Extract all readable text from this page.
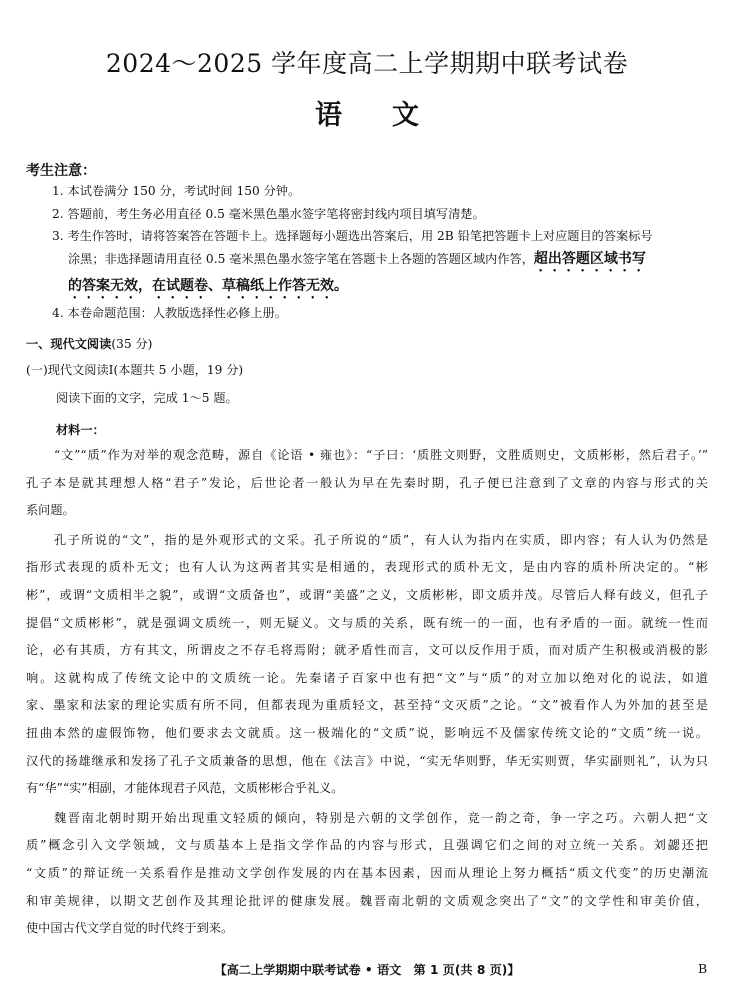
2024～2025 学年度高二上学期期中联考试卷
语文
考生注意：
1. 本试卷满分 150 分，考试时间 150 分钟。
2. 答题前，考生务必用直径 0.5 毫米黑色墨水签字笔将密封线内项目填写清楚。
3. 考生作答时，请将答案答在答题卡上。选择题每小题选出答案后，用 2B 铅笔把答题卡上对应题目的答案标号
涂黑；非选择题请用直径 0.5 毫米黑色墨水签字笔在答题卡上各题的答题区域内作答，超出答题区域书写
的答案无效，在试题卷、草稿纸上作答无效。
4. 本卷命题范围：人教版选择性必修上册。
一、现代文阅读(35 分)
(一)现代文阅读Ⅰ(本题共 5 小题，19 分)
阅读下面的文字，完成 1～5 题。
材料一：
“文”“质”作为对举的观念范畴，源自《论语 • 雍也》：“子曰：‘质胜文则野，文胜质则史，文质彬彬，然后君子。’”
孔子本是就其理想人格“君子”发论，后世论者一般认为早在先秦时期，孔子便已注意到了文章的内容与形式的关
系问题。
孔子所说的“文”，指的是外观形式的文采。孔子所说的“质”，有人认为指内在实质，即内容；有人认为仍然是
指形式表现的质朴无文；也有人认为这两者其实是相通的，表现形式的质朴无文，是由内容的质朴所决定的。“彬
彬”，或谓“文质相半之貌”，或谓“文质备也”，或谓“美盛”之义，文质彬彬，即文质并茂。尽管后人释有歧义，但孔子
提倡“文质彬彬”，就是强调文质统一，则无疑义。文与质的关系，既有统一的一面，也有矛盾的一面。就统一性而
论，必有其质，方有其文，所谓皮之不存毛将焉附；就矛盾性而言，文可以反作用于质，而对质产生积极或消极的影
响。这就构成了传统文论中的文质统一论。先秦诸子百家中也有把“文”与“质”的对立加以绝对化的说法，如道
家、墨家和法家的理论实质有所不同，但都表现为重质轻文，甚至持“文灭质”之论。“文”被看作人为外加的甚至是
扭曲本然的虚假饰物，他们要求去文就质。这一极端化的“文质”说，影响远不及儒家传统文论的“文质”统一说。
汉代的扬雄继承和发扬了孔子文质兼备的思想，他在《法言》中说，“实无华则野，华无实则贾，华实副则礼”，认为只
有“华”“实”相副，才能体现君子风范，文质彬彬合乎礼义。
魏晋南北朝时期开始出现重文轻质的倾向，特别是六朝的文学创作，竞一韵之奇，争一字之巧。六朝人把“文
质”概念引入文学领域，文与质基本上是指文学作品的内容与形式，且强调它们之间的对立统一关系。刘勰还把
“文质”的辩证统一关系看作是推动文学创作发展的内在基本因素，因而从理论上努力概括“质文代变”的历史潮流
和审美规律，以期文艺创作及其理论批评的健康发展。魏晋南北朝的文质观念突出了“文”的文学性和审美价值，
使中国古代文学自觉的时代终于到来。
【高二上学期期中联考试卷 • 语文　第 1 页(共 8 页)】	B
